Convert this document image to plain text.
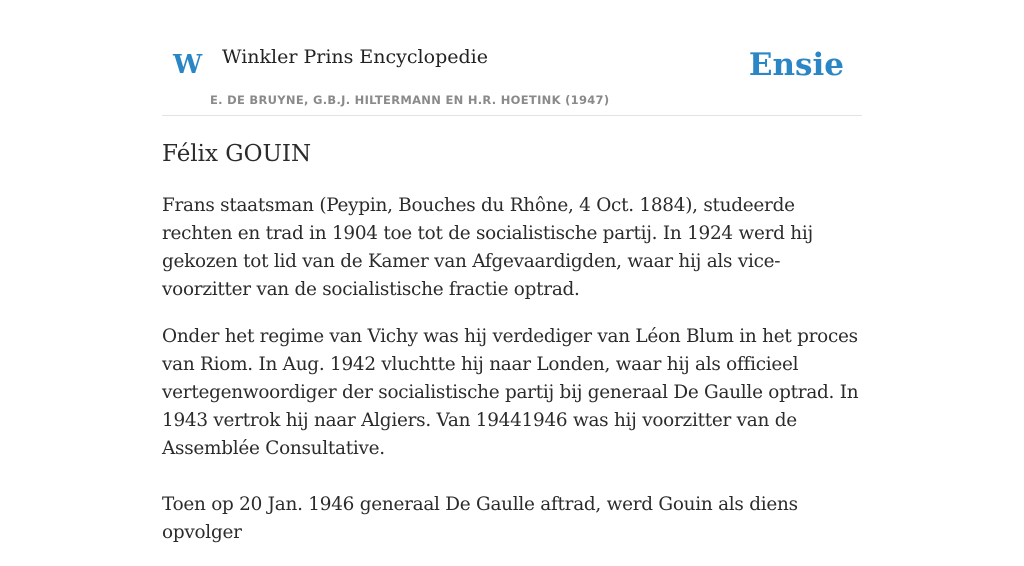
W Winkler Prins Encyclopedie
E. DE BRUYNE, G.B.J. HILTERMANN EN H.R. HOETINK (1947)
Ensie
Félix GOUIN

Frans staatsman (Peypin, Bouches du Rhône, 4 Oct. 1884), studeerde rechten en trad in 1904 toe tot de socialistische partij. In 1924 werd hij gekozen tot lid van de Kamer van Afgevaardigden, waar hij als vice-voorzitter van de socialistische fractie optrad.

Onder het regime van Vichy was hij verdediger van Léon Blum in het proces van Riom. In Aug. 1942 vluchtte hij naar Londen, waar hij als officieel vertegenwoordiger der socialistische partij bij generaal De Gaulle optrad. In 1943 vertrok hij naar Algiers. Van 19441946 was hij voorzitter van de Assemblée Consultative.

Toen op 20 Jan. 1946 generaal De Gaulle aftrad, werd Gouin als diens opvolger
